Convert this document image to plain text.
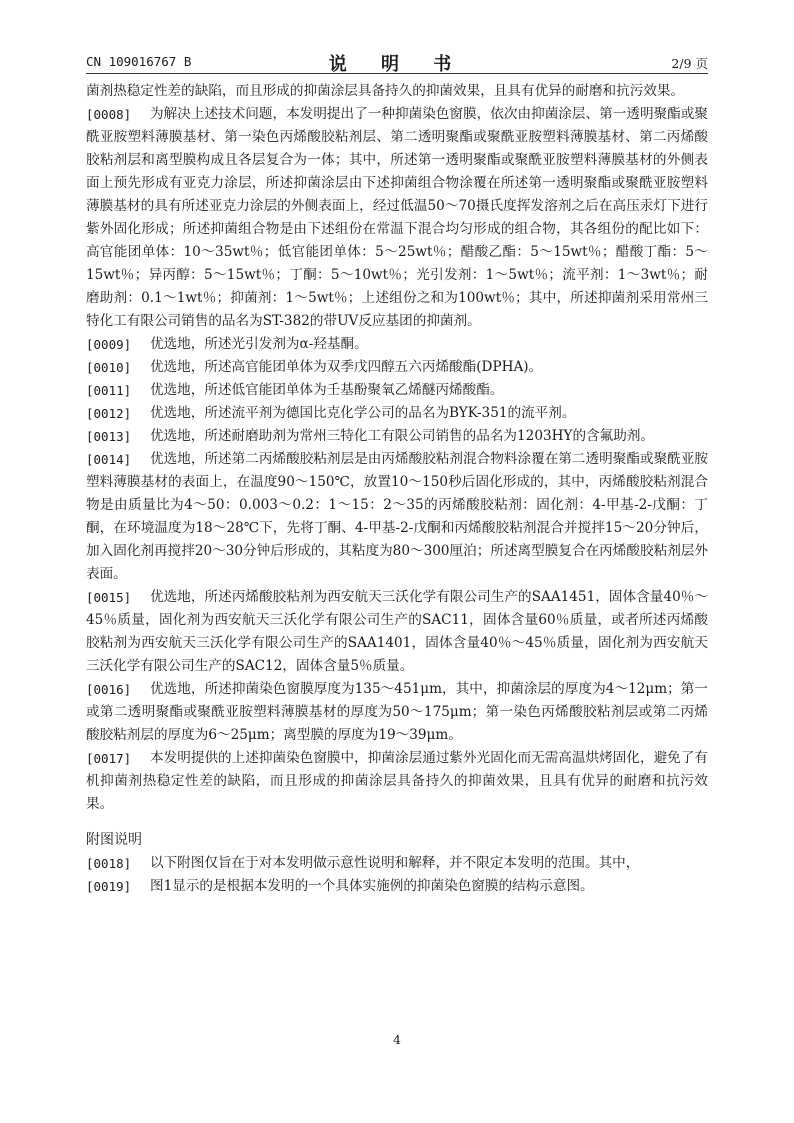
CN 109016767 B	说 明 书	2/9 页
菌剂热稳定性差的缺陷，而且形成的抑菌涂层具备持久的抑菌效果，且具有优异的耐磨和抗污效果。
[0008]	为解决上述技术问题，本发明提出了一种抑菌染色窗膜，依次由抑菌涂层、第一透明聚酯或聚酰亚胺塑料薄膜基材、第一染色丙烯酸胶粘剂层、第二透明聚酯或聚酰亚胺塑料薄膜基材、第二丙烯酸胶粘剂层和离型膜构成且各层复合为一体；其中，所述第一透明聚酯或聚酰亚胺塑料薄膜基材的外侧表面上预先形成有亚克力涂层，所述抑菌涂层由下述抑菌组合物涂覆在所述第一透明聚酯或聚酰亚胺塑料薄膜基材的具有所述亚克力涂层的外侧表面上，经过低温50～70摄氏度挥发溶剂之后在高压汞灯下进行紫外固化形成；所述抑菌组合物是由下述组份在常温下混合均匀形成的组合物，其各组份的配比如下：高官能团单体：10～35wt％；低官能团单体：5～25wt％；醋酸乙酯：5～15wt％；醋酸丁酯：5～15wt％；异丙醇：5～15wt％；丁酮：5～10wt％；光引发剂：1～5wt％；流平剂：1～3wt％；耐磨助剂：0.1～1wt％；抑菌剂：1～5wt％；上述组份之和为100wt％；其中，所述抑菌剂采用常州三特化工有限公司销售的品名为ST-382的带UV反应基团的抑菌剂。
[0009]	优选地，所述光引发剂为α-羟基酮。
[0010]	优选地，所述高官能团单体为双季戊四醇五六丙烯酸酯(DPHA)。
[0011]	优选地，所述低官能团单体为壬基酚聚氧乙烯醚丙烯酸酯。
[0012]	优选地，所述流平剂为德国比克化学公司的品名为BYK-351的流平剂。
[0013]	优选地，所述耐磨助剂为常州三特化工有限公司销售的品名为1203HY的含氟助剂。
[0014]	优选地，所述第二丙烯酸胶粘剂层是由丙烯酸胶粘剂混合物料涂覆在第二透明聚酯或聚酰亚胺塑料薄膜基材的表面上，在温度90～150℃，放置10～150秒后固化形成的，其中，丙烯酸胶粘剂混合物是由质量比为4～50：0.003～0.2：1～15：2～35的丙烯酸胶粘剂：固化剂：4-甲基-2-戊酮：丁酮，在环境温度为18～28℃下，先将丁酮、4-甲基-2-戊酮和丙烯酸胶粘剂混合并搅拌15～20分钟后，加入固化剂再搅拌20～30分钟后形成的，其粘度为80～300厘泊；所述离型膜复合在丙烯酸胶粘剂层外表面。
[0015]	优选地，所述丙烯酸胶粘剂为西安航天三沃化学有限公司生产的SAA1451，固体含量40％～45％质量，固化剂为西安航天三沃化学有限公司生产的SAC11，固体含量60％质量，或者所述丙烯酸胶粘剂为西安航天三沃化学有限公司生产的SAA1401，固体含量40％～45％质量，固化剂为西安航天三沃化学有限公司生产的SAC12，固体含量5％质量。
[0016]	优选地，所述抑菌染色窗膜厚度为135～451μm，其中，抑菌涂层的厚度为4～12μm；第一或第二透明聚酯或聚酰亚胺塑料薄膜基材的厚度为50～175μm；第一染色丙烯酸胶粘剂层或第二丙烯酸胶粘剂层的厚度为6～25μm；离型膜的厚度为19～39μm。
[0017]	本发明提供的上述抑菌染色窗膜中，抑菌涂层通过紫外光固化而无需高温烘烤固化，避免了有机抑菌剂热稳定性差的缺陷，而且形成的抑菌涂层具备持久的抑菌效果，且具有优异的耐磨和抗污效果。
附图说明
[0018]	以下附图仅旨在于对本发明做示意性说明和解释，并不限定本发明的范围。其中，
[0019]	图1显示的是根据本发明的一个具体实施例的抑菌染色窗膜的结构示意图。
4
